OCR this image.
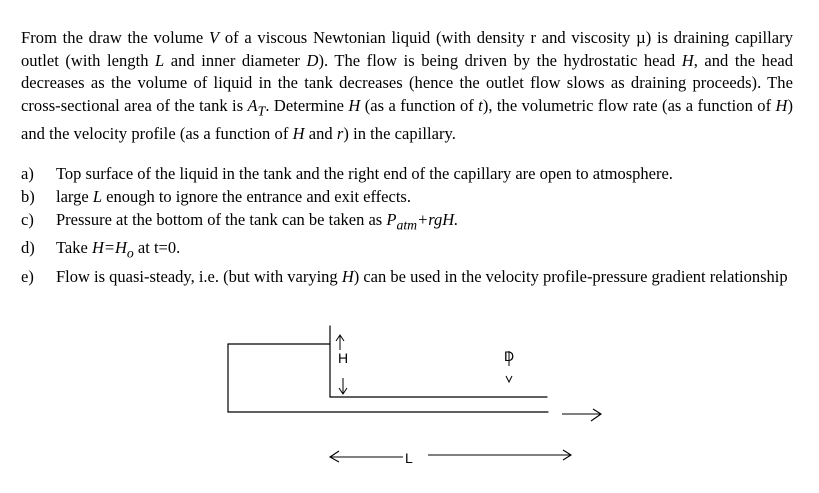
From the draw the volume V of a viscous Newtonian liquid (with density r and viscosity µ) is draining capillary outlet (with length L and inner diameter D). The flow is being driven by the hydrostatic head H, and the head decreases as the volume of liquid in the tank decreases (hence the outlet flow slows as draining proceeds). The cross-sectional area of the tank is $A_T$. Determine H (as a function of t), the volumetric flow rate (as a function of H) and the velocity profile (as a function of H and r) in the capillary.
a)	Top surface of the liquid in the tank and the right end of the capillary are open to atmosphere.
b)	large L enough to ignore the entrance and exit effects.
c)	Pressure at the bottom of the tank can be taken as $P_{atm}+rgH$.
d)	Take $H=H_o$ at t=0.
e)	Flow is quasi-steady, i.e. (but with varying H) can be used in the velocity profile-pressure gradient relationship
H	D
L
